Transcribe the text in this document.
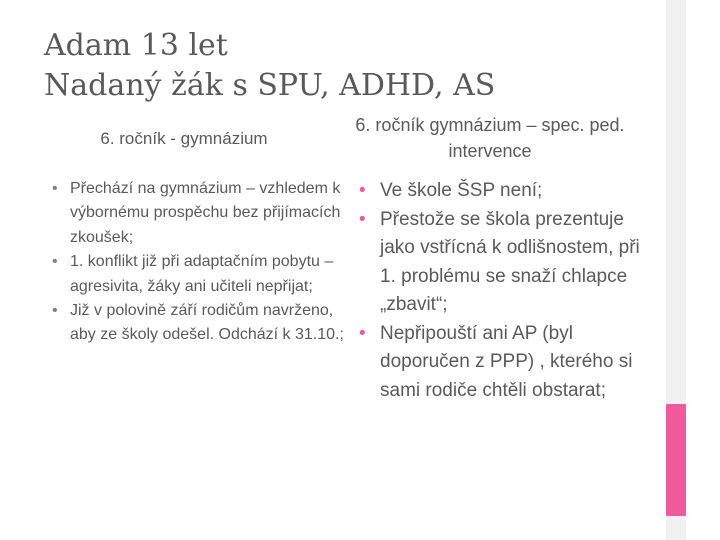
Adam 13 let
Nadaný žák s SPU, ADHD, AS
6. ročník - gymnázium
6. ročník gymnázium – spec. ped. intervence
• Přechází na gymnázium – vzhledem k výbornému prospěchu bez přijímacích zkoušek;
• 1. konflikt již při adaptačním pobytu – agresivita, žáky ani učiteli nepřijat;
• Již v polovině září rodičům navrženo, aby ze školy odešel. Odchází k 31.10.;
• Ve škole ŠSP není;
• Přestože se škola prezentuje jako vstřícná k odlišnostem, při 1. problému se snaží chlapce „zbavit“;
• Nepřipouští ani AP (byl doporučen z PPP) , kterého si sami rodiče chtěli obstarat;
